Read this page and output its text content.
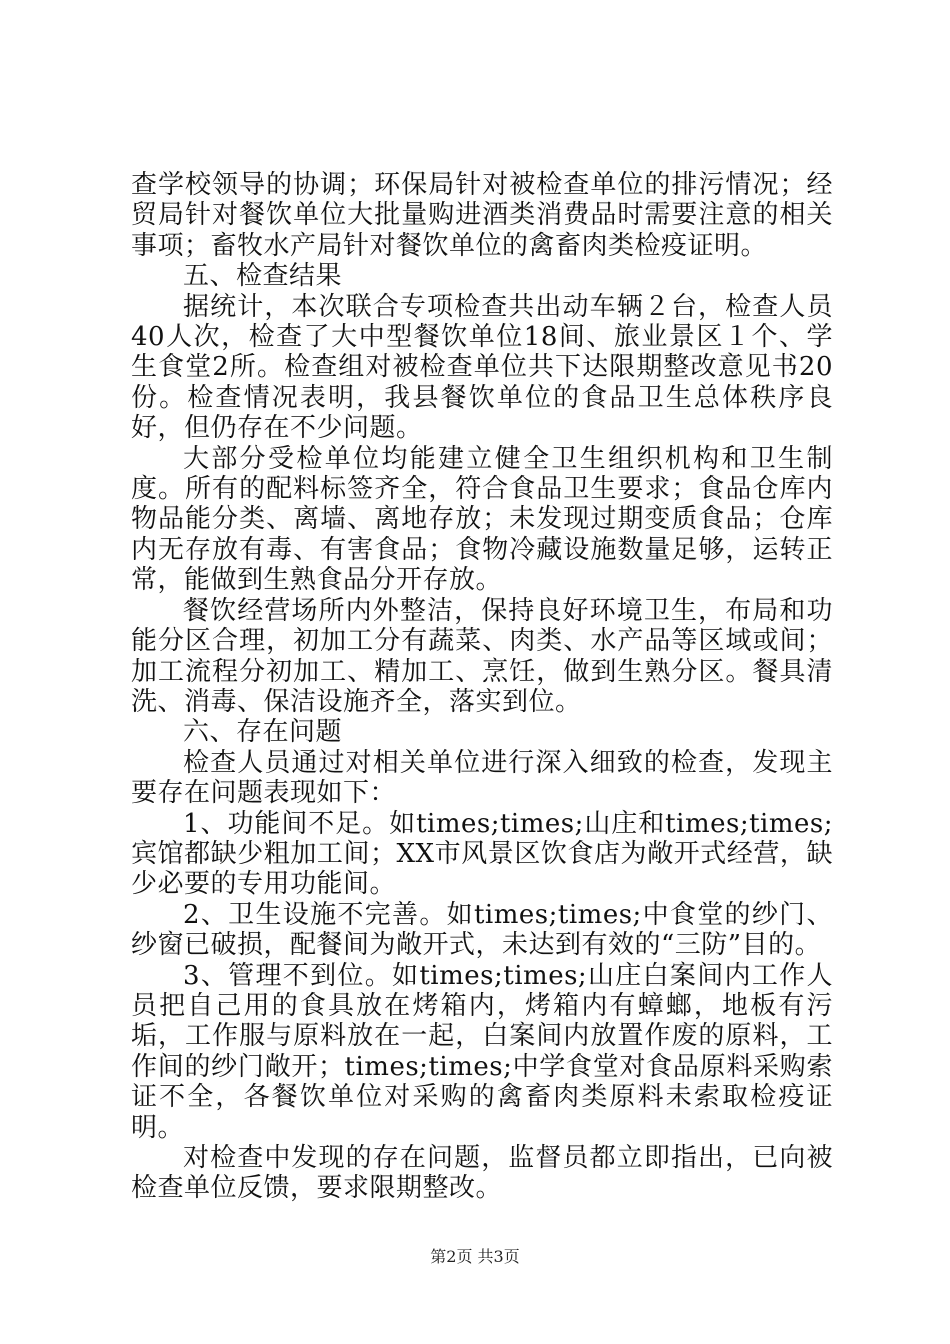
查学校领导的协调；环保局针对被检查单位的排污情况；经贸局针对餐饮单位大批量购进酒类消费品时需要注意的相关事项；畜牧水产局针对餐饮单位的禽畜肉类检疫证明。

五、检查结果

据统计，本次联合专项检查共出动车辆２台，检查人员40人次，检查了大中型餐饮单位18间、旅业景区１个、学生食堂2所。检查组对被检查单位共下达限期整改意见书20份。检查情况表明，我县餐饮单位的食品卫生总体秩序良好，但仍存在不少问题。

大部分受检单位均能建立健全卫生组织机构和卫生制度。所有的配料标签齐全，符合食品卫生要求；食品仓库内物品能分类、离墙、离地存放；未发现过期变质食品；仓库内无存放有毒、有害食品；食物冷藏设施数量足够，运转正常，能做到生熟食品分开存放。

餐饮经营场所内外整洁，保持良好环境卫生，布局和功能分区合理，初加工分有蔬菜、肉类、水产品等区域或间；加工流程分初加工、精加工、烹饪，做到生熟分区。餐具清洗、消毒、保洁设施齐全，落实到位。

六、存在问题

检查人员通过对相关单位进行深入细致的检查，发现主要存在问题表现如下：

1、功能间不足。如times;times;山庄和times;times;宾馆都缺少粗加工间；XX市风景区饮食店为敞开式经营，缺少必要的专用功能间。

2、卫生设施不完善。如times;times;中食堂的纱门、纱窗已破损，配餐间为敞开式，未达到有效的“三防”目的。

3、管理不到位。如times;times;山庄白案间内工作人员把自己用的食具放在烤箱内，烤箱内有蟑螂，地板有污垢，工作服与原料放在一起，白案间内放置作废的原料，工作间的纱门敞开；times;times;中学食堂对食品原料采购索证不全，各餐饮单位对采购的禽畜肉类原料未索取检疫证明。

对检查中发现的存在问题，监督员都立即指出，已向被检查单位反馈，要求限期整改。

第2页 共3页
